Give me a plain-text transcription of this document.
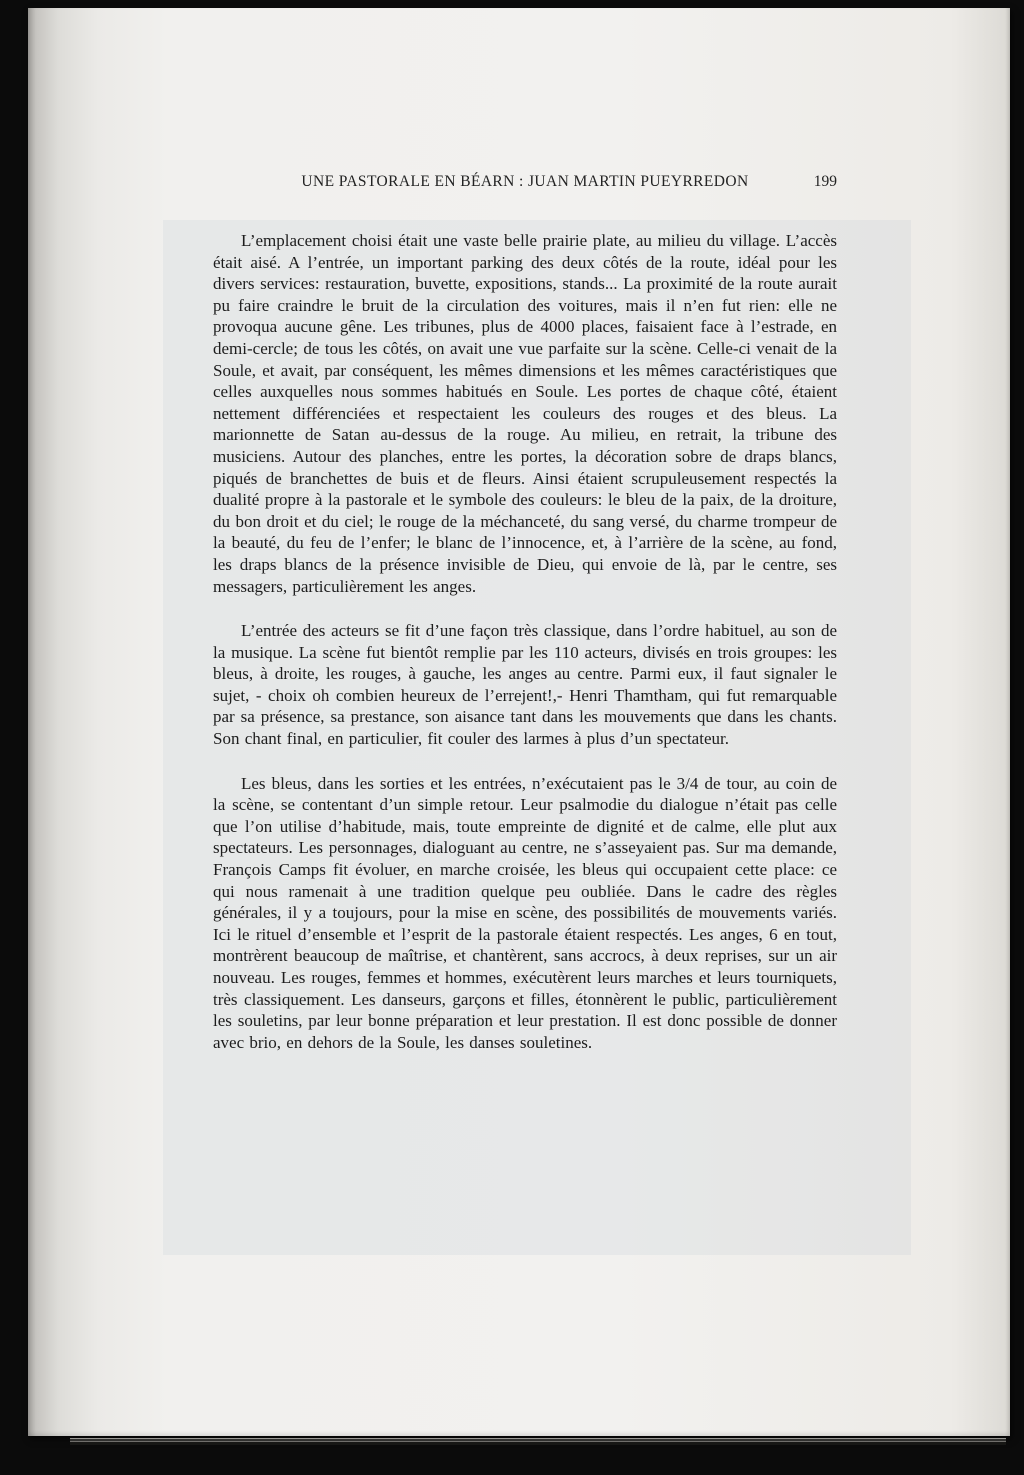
UNE PASTORALE EN BÉARN : JUAN MARTIN PUEYRREDON	199

L’emplacement choisi était une vaste belle prairie plate, au milieu du village. L’accès était aisé. A l’entrée, un important parking des deux côtés de la route, idéal pour les divers services: restauration, buvette, expositions, stands... La proximité de la route aurait pu faire craindre le bruit de la circulation des voitures, mais il n’en fut rien: elle ne provoqua aucune gêne. Les tribunes, plus de 4000 places, faisaient face à l’estrade, en demi-cercle; de tous les côtés, on avait une vue parfaite sur la scène. Celle-ci venait de la Soule, et avait, par conséquent, les mêmes dimensions et les mêmes caractéristiques que celles auxquelles nous sommes habitués en Soule. Les portes de chaque côté, étaient nettement différenciées et respectaient les couleurs des rouges et des bleus. La marionnette de Satan au-dessus de la rouge. Au milieu, en retrait, la tribune des musiciens. Autour des planches, entre les portes, la décoration sobre de draps blancs, piqués de branchettes de buis et de fleurs. Ainsi étaient scrupuleusement respectés la dualité propre à la pastorale et le symbole des couleurs: le bleu de la paix, de la droiture, du bon droit et du ciel; le rouge de la méchanceté, du sang versé, du charme trompeur de la beauté, du feu de l’enfer; le blanc de l’innocence, et, à l’arrière de la scène, au fond, les draps blancs de la présence invisible de Dieu, qui envoie de là, par le centre, ses messagers, particulièrement les anges.

L’entrée des acteurs se fit d’une façon très classique, dans l’ordre habituel, au son de la musique. La scène fut bientôt remplie par les 110 acteurs, divisés en trois groupes: les bleus, à droite, les rouges, à gauche, les anges au centre. Parmi eux, il faut signaler le sujet, - choix oh combien heureux de l’errejent!,- Henri Thamtham, qui fut remarquable par sa présence, sa prestance, son aisance tant dans les mouvements que dans les chants. Son chant final, en particulier, fit couler des larmes à plus d’un spectateur.

Les bleus, dans les sorties et les entrées, n’exécutaient pas le 3/4 de tour, au coin de la scène, se contentant d’un simple retour. Leur psalmodie du dialogue n’était pas celle que l’on utilise d’habitude, mais, toute empreinte de dignité et de calme, elle plut aux spectateurs. Les personnages, dialoguant au centre, ne s’asseyaient pas. Sur ma demande, François Camps fit évoluer, en marche croisée, les bleus qui occupaient cette place: ce qui nous ramenait à une tradition quelque peu oubliée. Dans le cadre des règles générales, il y a toujours, pour la mise en scène, des possibilités de mouvements variés. Ici le rituel d’ensemble et l’esprit de la pastorale étaient respectés. Les anges, 6 en tout, montrèrent beaucoup de maîtrise, et chantèrent, sans accrocs, à deux reprises, sur un air nouveau. Les rouges, femmes et hommes, exécutèrent leurs marches et leurs tourniquets, très classiquement. Les danseurs, garçons et filles, étonnèrent le public, particulièrement les souletins, par leur bonne préparation et leur prestation. Il est donc possible de donner avec brio, en dehors de la Soule, les danses souletines.
